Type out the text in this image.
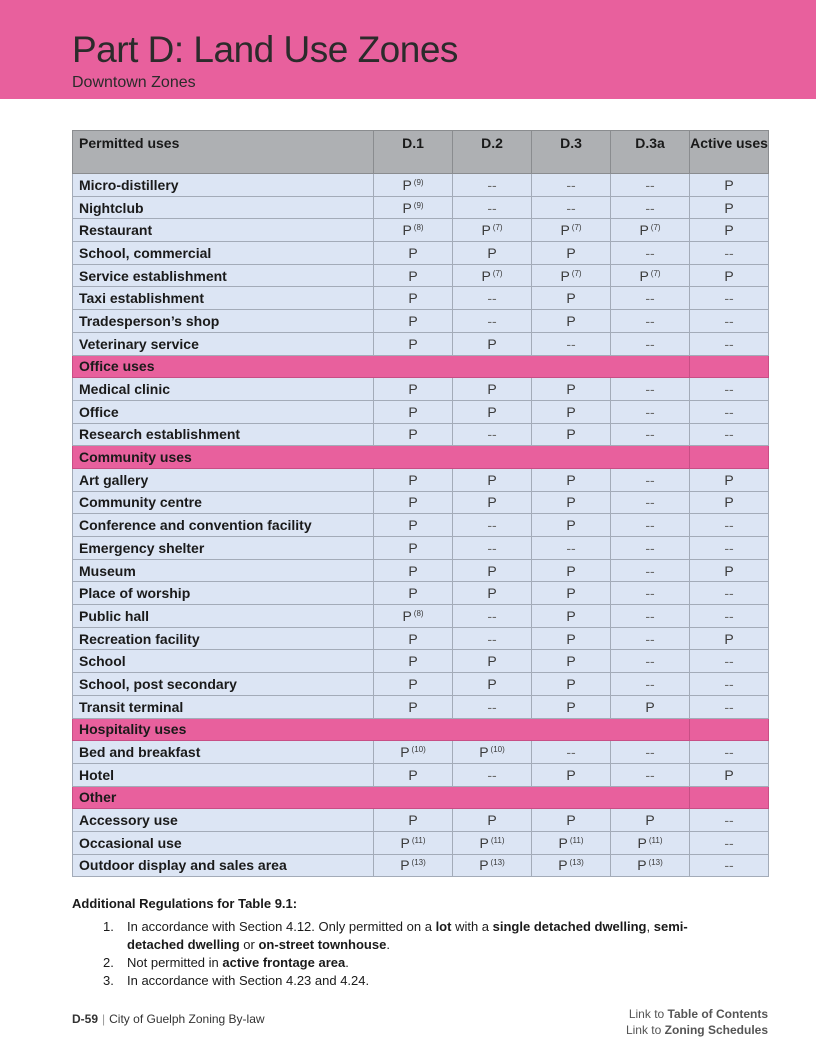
Part D: Land Use Zones
Downtown Zones
Permitted uses	D.1	D.2	D.3	D.3a	Active uses
Micro-distillery	P $^{(9)}$	--	--	--	P
Nightclub	P $^{(9)}$	--	--	--	P
Restaurant	P $^{(8)}$	P $^{(7)}$	P $^{(7)}$	P $^{(7)}$	P
School, commercial	P	P	P	--	--
Service establishment	P	P $^{(7)}$	P $^{(7)}$	P $^{(7)}$	P
Taxi establishment	P	--	P	--	--
Tradesperson’s shop	P	--	P	--	--
Veterinary service	P	P	--	--	--
Office uses					
Medical clinic	P	P	P	--	--
Office	P	P	P	--	--
Research establishment	P	--	P	--	--
Community uses					
Art gallery	P	P	P	--	P
Community centre	P	P	P	--	P
Conference and convention facility	P	--	P	--	--
Emergency shelter	P	--	--	--	--
Museum	P	P	P	--	P
Place of worship	P	P	P	--	--
Public hall	P $^{(8)}$	--	P	--	--
Recreation facility	P	--	P	--	P
School	P	P	P	--	--
School, post secondary	P	P	P	--	--
Transit terminal	P	--	P	P	--
Hospitality uses					
Bed and breakfast	P $^{(10)}$	P $^{(10)}$	--	--	--
Hotel	P	--	P	--	P
Other					
Accessory use	P	P	P	P	--
Occasional use	P $^{(11)}$	P $^{(11)}$	P $^{(11)}$	P $^{(11)}$	--
Outdoor display and sales area	P $^{(13)}$	P $^{(13)}$	P $^{(13)}$	P $^{(13)}$	--
Additional Regulations for Table 9.1:
1. In accordance with Section 4.12. Only permitted on a lot with a single detached dwelling, semi-detached dwelling or on-street townhouse.
2. Not permitted in active frontage area.
3. In accordance with Section 4.23 and 4.24.
D-59 | City of Guelph Zoning By-law	Link to Table of Contents
Link to Zoning Schedules
